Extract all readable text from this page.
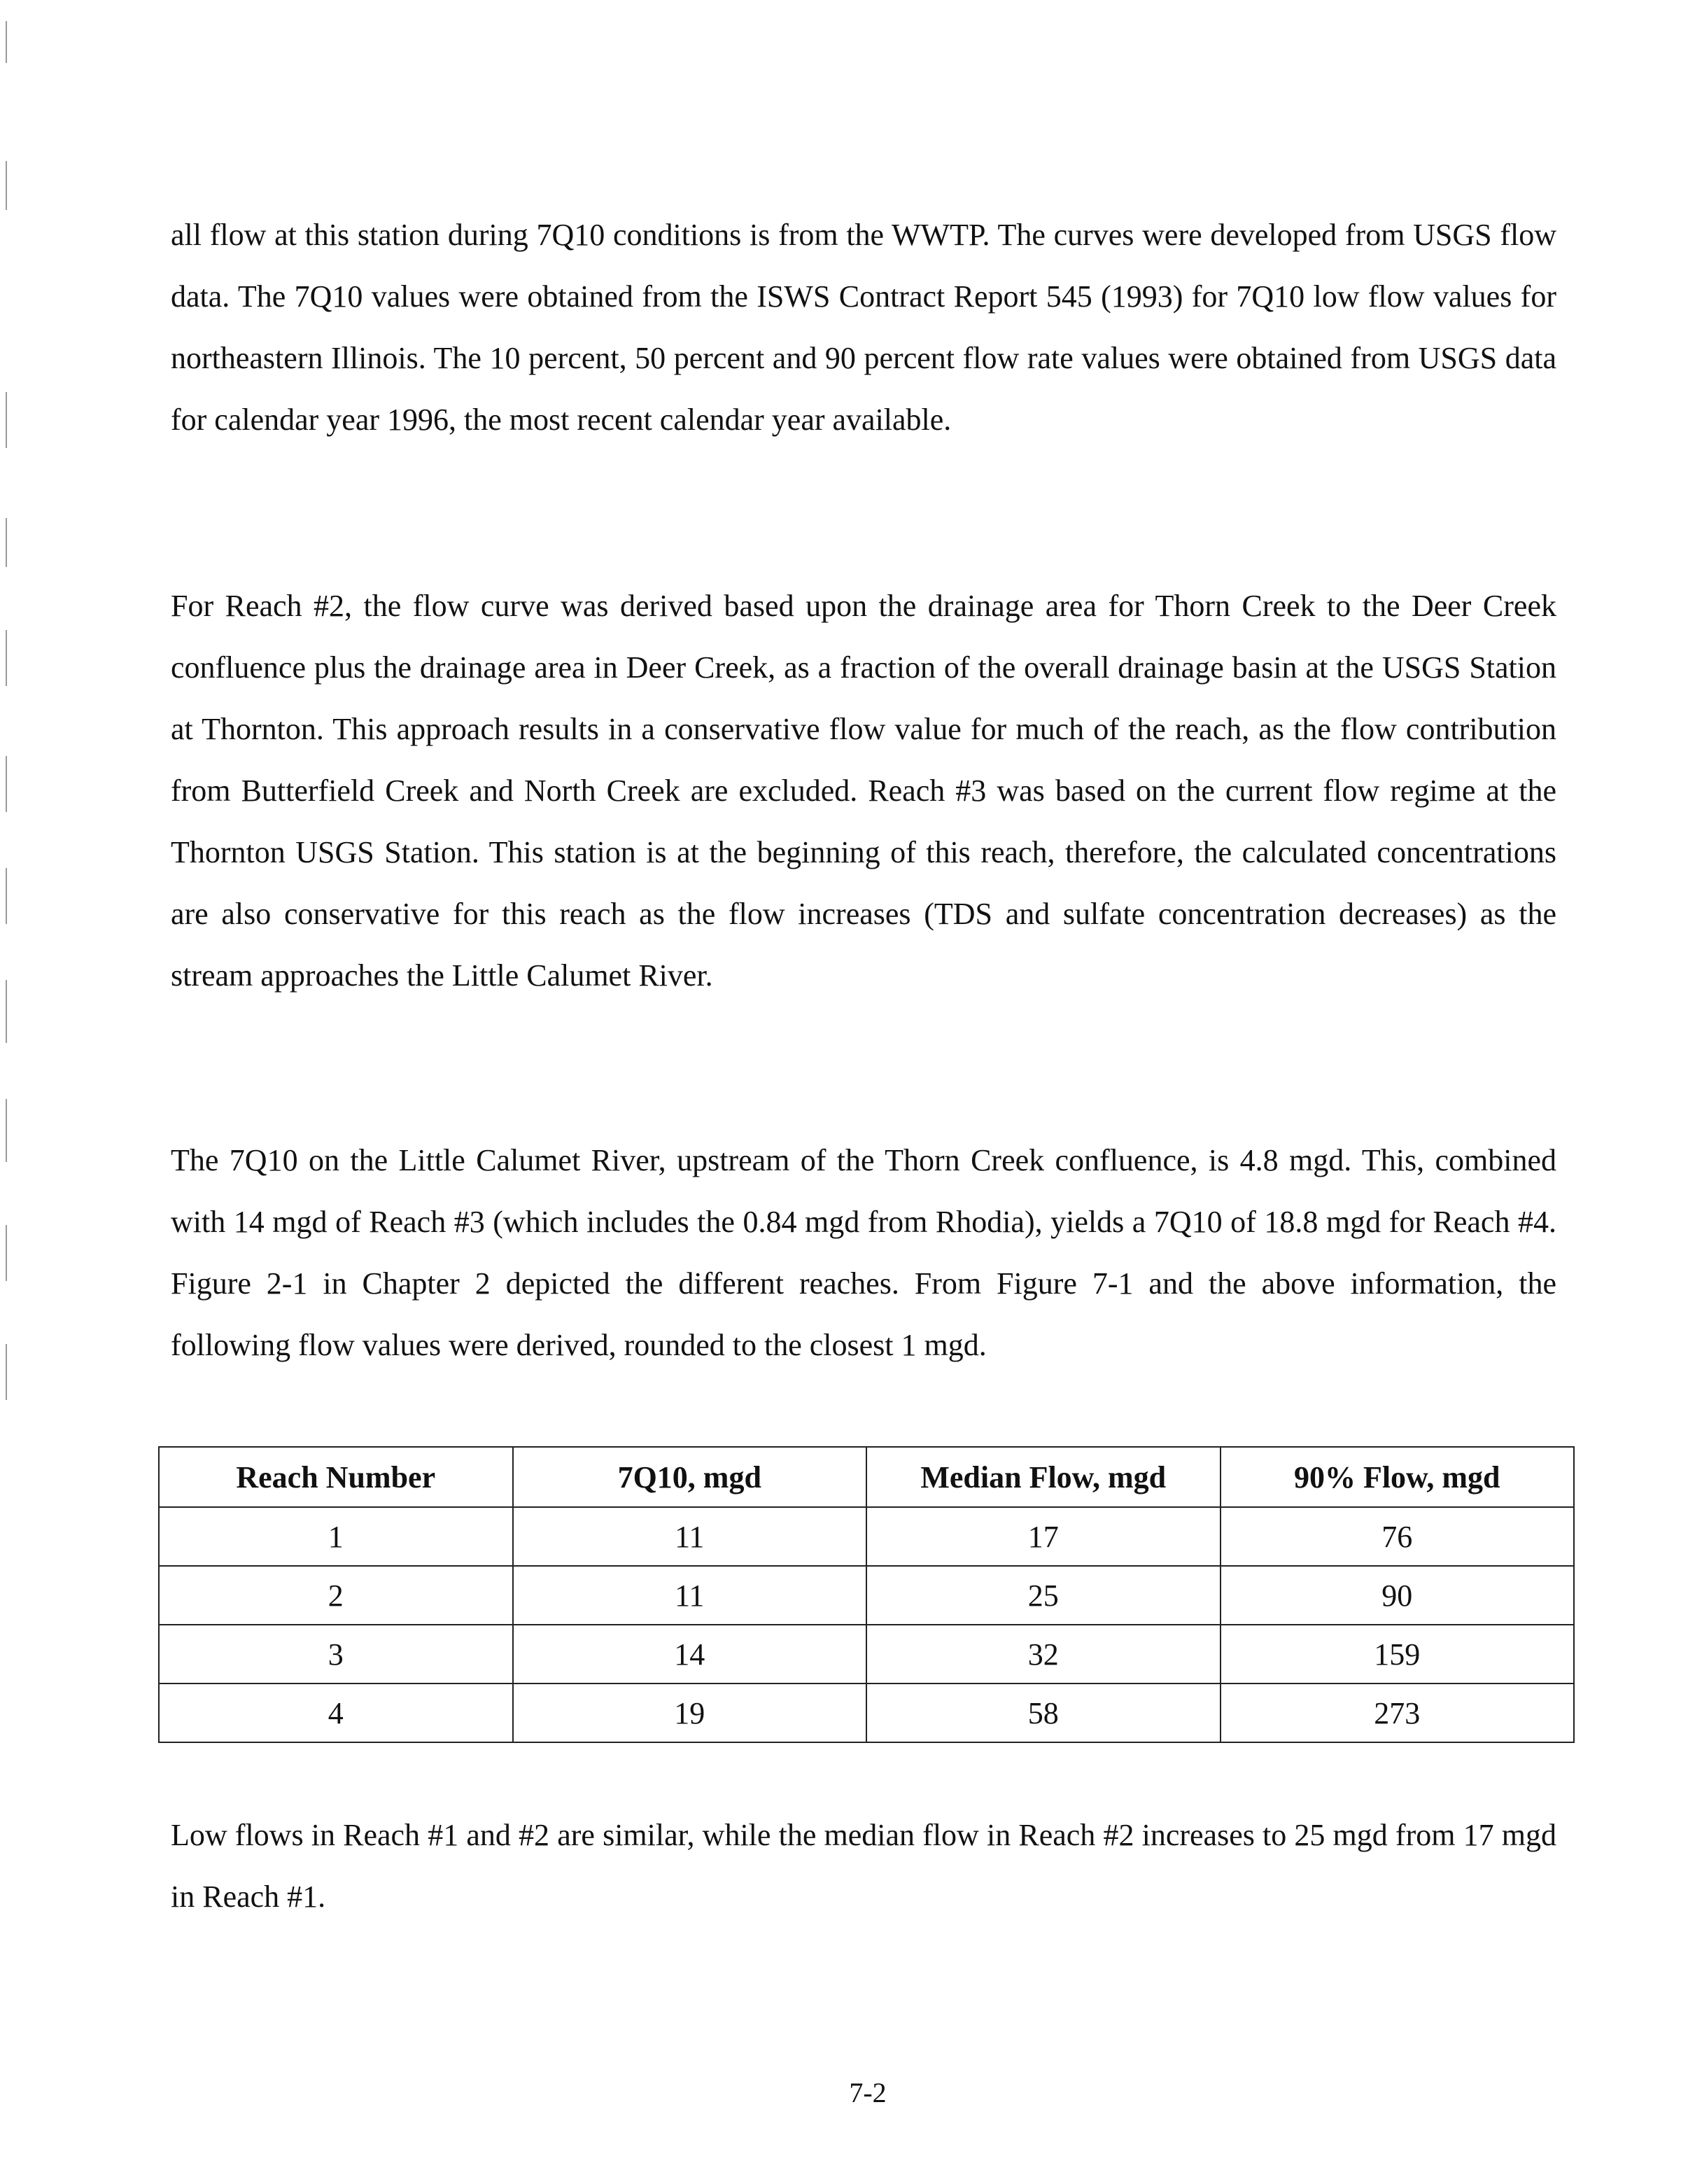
all flow at this station during 7Q10 conditions is from the WWTP. The curves were developed from USGS flow data. The 7Q10 values were obtained from the ISWS Contract Report 545 (1993) for 7Q10 low flow values for northeastern Illinois. The 10 percent, 50 percent and 90 percent flow rate values were obtained from USGS data for calendar year 1996, the most recent calendar year available.

For Reach #2, the flow curve was derived based upon the drainage area for Thorn Creek to the Deer Creek confluence plus the drainage area in Deer Creek, as a fraction of the overall drainage basin at the USGS Station at Thornton. This approach results in a conservative flow value for much of the reach, as the flow contribution from Butterfield Creek and North Creek are excluded. Reach #3 was based on the current flow regime at the Thornton USGS Station. This station is at the beginning of this reach, therefore, the calculated concentrations are also conservative for this reach as the flow increases (TDS and sulfate concentration decreases) as the stream approaches the Little Calumet River.

The 7Q10 on the Little Calumet River, upstream of the Thorn Creek confluence, is 4.8 mgd. This, combined with 14 mgd of Reach #3 (which includes the 0.84 mgd from Rhodia), yields a 7Q10 of 18.8 mgd for Reach #4. Figure 2-1 in Chapter 2 depicted the different reaches. From Figure 7-1 and the above information, the following flow values were derived, rounded to the closest 1 mgd.

Reach Number	7Q10, mgd	Median Flow, mgd	90% Flow, mgd
1	11	17	76
2	11	25	90
3	14	32	159
4	19	58	273

Low flows in Reach #1 and #2 are similar, while the median flow in Reach #2 increases to 25 mgd from 17 mgd in Reach #1.

7-2
